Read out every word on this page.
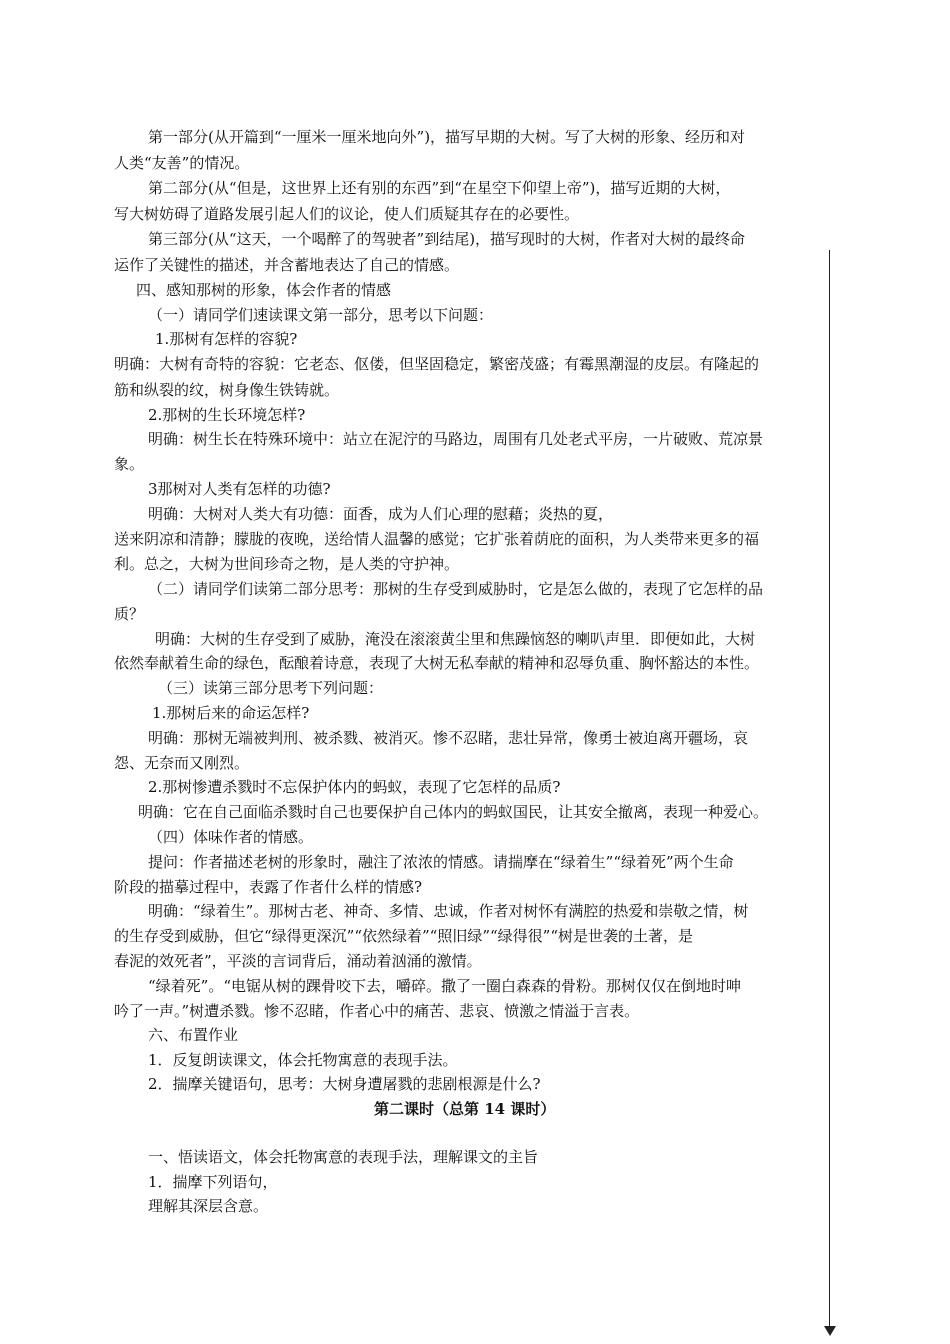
第一部分(从开篇到“一厘米一厘米地向外”)，描写早期的大树。写了大树的形象、经历和对
人类“友善”的情况。
第二部分(从“但是，这世界上还有别的东西”到“在星空下仰望上帝”)，描写近期的大树，
写大树妨碍了道路发展引起人们的议论，使人们质疑其存在的必要性。
第三部分(从“这天，一个喝醉了的驾驶者”到结尾)，描写现时的大树，作者对大树的最终命
运作了关键性的描述，并含蓄地表达了自己的情感。
四、感知那树的形象，体会作者的情感
（一）请同学们速读课文第一部分，思考以下问题：
1.那树有怎样的容貌?
明确：大树有奇特的容貌：它老态、伛偻，但坚固稳定，繁密茂盛；有霉黑潮湿的皮层。有隆起的
筋和纵裂的纹，树身像生铁铸就。
2.那树的生长环境怎样?
明确：树生长在特殊环境中：站立在泥泞的马路边，周围有几处老式平房，一片破败、荒凉景
象。
3那树对人类有怎样的功德?
明确：大树对人类大有功德：面香，成为人们心理的慰藉；炎热的夏，
送来阴凉和清静；朦胧的夜晚，送给情人温馨的感觉；它扩张着荫庇的面积，为人类带来更多的福
利。总之，大树为世间珍奇之物，是人类的守护神。
（二）请同学们读第二部分思考：那树的生存受到威胁时，它是怎么做的，表现了它怎样的品
质？
明确：大树的生存受到了威胁，淹没在滚滚黄尘里和焦躁恼怒的喇叭声里．即便如此，大树
依然奉献着生命的绿色，酝酿着诗意，表现了大树无私奉献的精神和忍辱负重、胸怀豁达的本性。
（三）读第三部分思考下列问题：
1.那树后来的命运怎样?
明确：那树无端被判刑、被杀戮、被消灭。惨不忍睹，悲壮异常，像勇士被迫离开疆场，哀
怨、无奈而又刚烈。
2.那树惨遭杀戮时不忘保护体内的蚂蚁，表现了它怎样的品质?
明确：它在自己面临杀戮时自己也要保护自己体内的蚂蚁国民，让其安全撤离，表现一种爱心。
（四）体味作者的情感。
提问：作者描述老树的形象时，融注了浓浓的情感。请揣摩在“绿着生”“绿着死”两个生命
阶段的描摹过程中，表露了作者什么样的情感?
明确：“绿着生”。那树古老、神奇、多情、忠诚，作者对树怀有满腔的热爱和崇敬之情，树
的生存受到威胁，但它“绿得更深沉”“依然绿着”“照旧绿”“绿得很”“树是世袭的土著，是
春泥的效死者”，平淡的言词背后，涌动着汹涌的激情。
“绿着死”。“电锯从树的踝骨咬下去，嚼碎。撒了一圈白森森的骨粉。那树仅仅在倒地时呻
吟了一声。”树遭杀戮。惨不忍睹，作者心中的痛苦、悲哀、愤激之情溢于言表。
六、布置作业
1．反复朗读课文，体会托物寓意的表现手法。
2．揣摩关键语句，思考：大树身遭屠戮的悲剧根源是什么?
第二课时（总第 14 课时）
一、悟读语文，体会托物寓意的表现手法，理解课文的主旨
1．揣摩下列语句，
理解其深层含意。
